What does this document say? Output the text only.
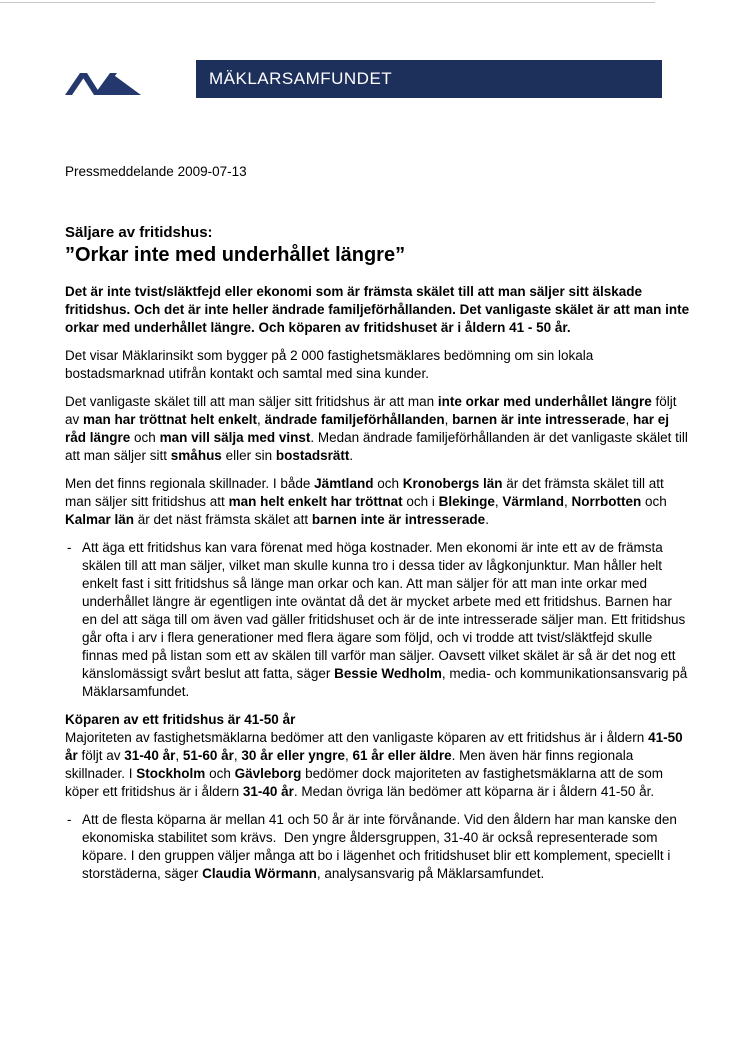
MÄKLARSAMFUNDET

Pressmeddelande 2009-07-13

Säljare av fritidshus:
”Orkar inte med underhållet längre”

Det är inte tvist/släktfejd eller ekonomi som är främsta skälet till att man säljer sitt älskade fritidshus. Och det är inte heller ändrade familjeförhållanden. Det vanligaste skälet är att man inte orkar med underhållet längre. Och köparen av fritidshuset är i åldern 41 - 50 år.

Det visar Mäklarinsikt som bygger på 2 000 fastighetsmäklares bedömning om sin lokala bostadsmarknad utifrån kontakt och samtal med sina kunder.

Det vanligaste skälet till att man säljer sitt fritidshus är att man inte orkar med underhållet längre följt av man har tröttnat helt enkelt, ändrade familjeförhållanden, barnen är inte intresserade, har ej råd längre och man vill sälja med vinst. Medan ändrade familjeförhållanden är det vanligaste skälet till att man säljer sitt småhus eller sin bostadsrätt.

Men det finns regionala skillnader. I både Jämtland och Kronobergs län är det främsta skälet till att man säljer sitt fritidshus att man helt enkelt har tröttnat och i Blekinge, Värmland, Norrbotten och Kalmar län är det näst främsta skälet att barnen inte är intresserade.

- Att äga ett fritidshus kan vara förenat med höga kostnader. Men ekonomi är inte ett av de främsta skälen till att man säljer, vilket man skulle kunna tro i dessa tider av lågkonjunktur. Man håller helt enkelt fast i sitt fritidshus så länge man orkar och kan. Att man säljer för att man inte orkar med underhållet längre är egentligen inte oväntat då det är mycket arbete med ett fritidshus. Barnen har en del att säga till om även vad gäller fritidshuset och är de inte intresserade säljer man. Ett fritidshus går ofta i arv i flera generationer med flera ägare som följd, och vi trodde att tvist/släktfejd skulle finnas med på listan som ett av skälen till varför man säljer. Oavsett vilket skälet är så är det nog ett känslomässigt svårt beslut att fatta, säger Bessie Wedholm, media- och kommunikationsansvarig på Mäklarsamfundet.

Köparen av ett fritidshus är 41-50 år

Majoriteten av fastighetsmäklarna bedömer att den vanligaste köparen av ett fritidshus är i åldern 41-50 år följt av 31-40 år, 51-60 år, 30 år eller yngre, 61 år eller äldre. Men även här finns regionala skillnader. I Stockholm och Gävleborg bedömer dock majoriteten av fastighetsmäklarna att de som köper ett fritidshus är i åldern 31-40 år. Medan övriga län bedömer att köparna är i åldern 41-50 år.

- Att de flesta köparna är mellan 41 och 50 år är inte förvånande. Vid den åldern har man kanske den ekonomiska stabilitet som krävs.  Den yngre åldersgruppen, 31-40 är också representerade som köpare. I den gruppen väljer många att bo i lägenhet och fritidshuset blir ett komplement, speciellt i storstäderna, säger Claudia Wörmann, analysansvarig på Mäklarsamfundet.
